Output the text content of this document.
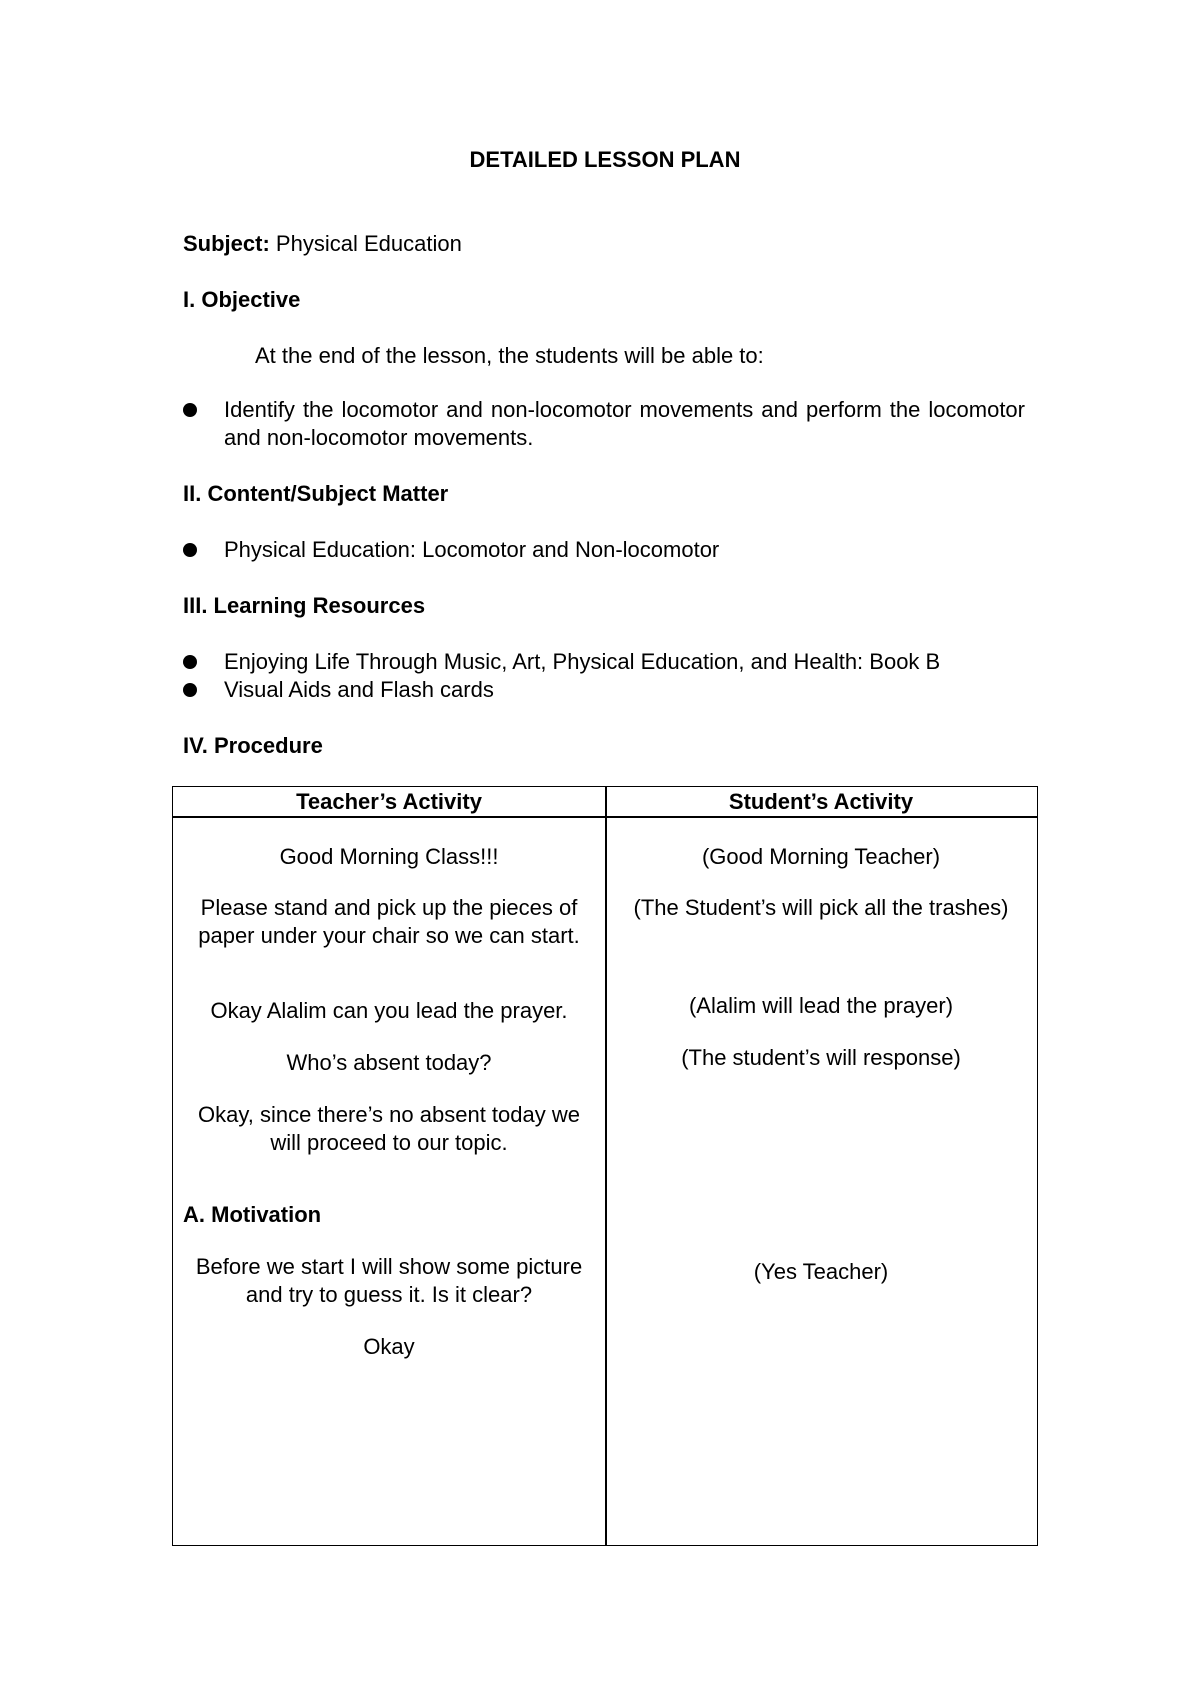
DETAILED LESSON PLAN
Subject: Physical Education
I. Objective
At the end of the lesson, the students will be able to:
Identify the locomotor and non-locomotor movements and perform the locomotor and non-locomotor movements.
II. Content/Subject Matter
Physical Education: Locomotor and Non-locomotor
III. Learning Resources
Enjoying Life Through Music, Art, Physical Education, and Health: Book B
Visual Aids and Flash cards
IV. Procedure
Teacher’s Activity	Student’s Activity
Good Morning Class!!!
Please stand and pick up the pieces of paper under your chair so we can start.
Okay Alalim can you lead the prayer.
Who’s absent today?
Okay, since there’s no absent today we will proceed to our topic.
A. Motivation
Before we start I will show some picture and try to guess it. Is it clear?
Okay
(Good Morning Teacher)
(The Student’s will pick all the trashes)
(Alalim will lead the prayer)
(The student’s will response)
(Yes Teacher)
